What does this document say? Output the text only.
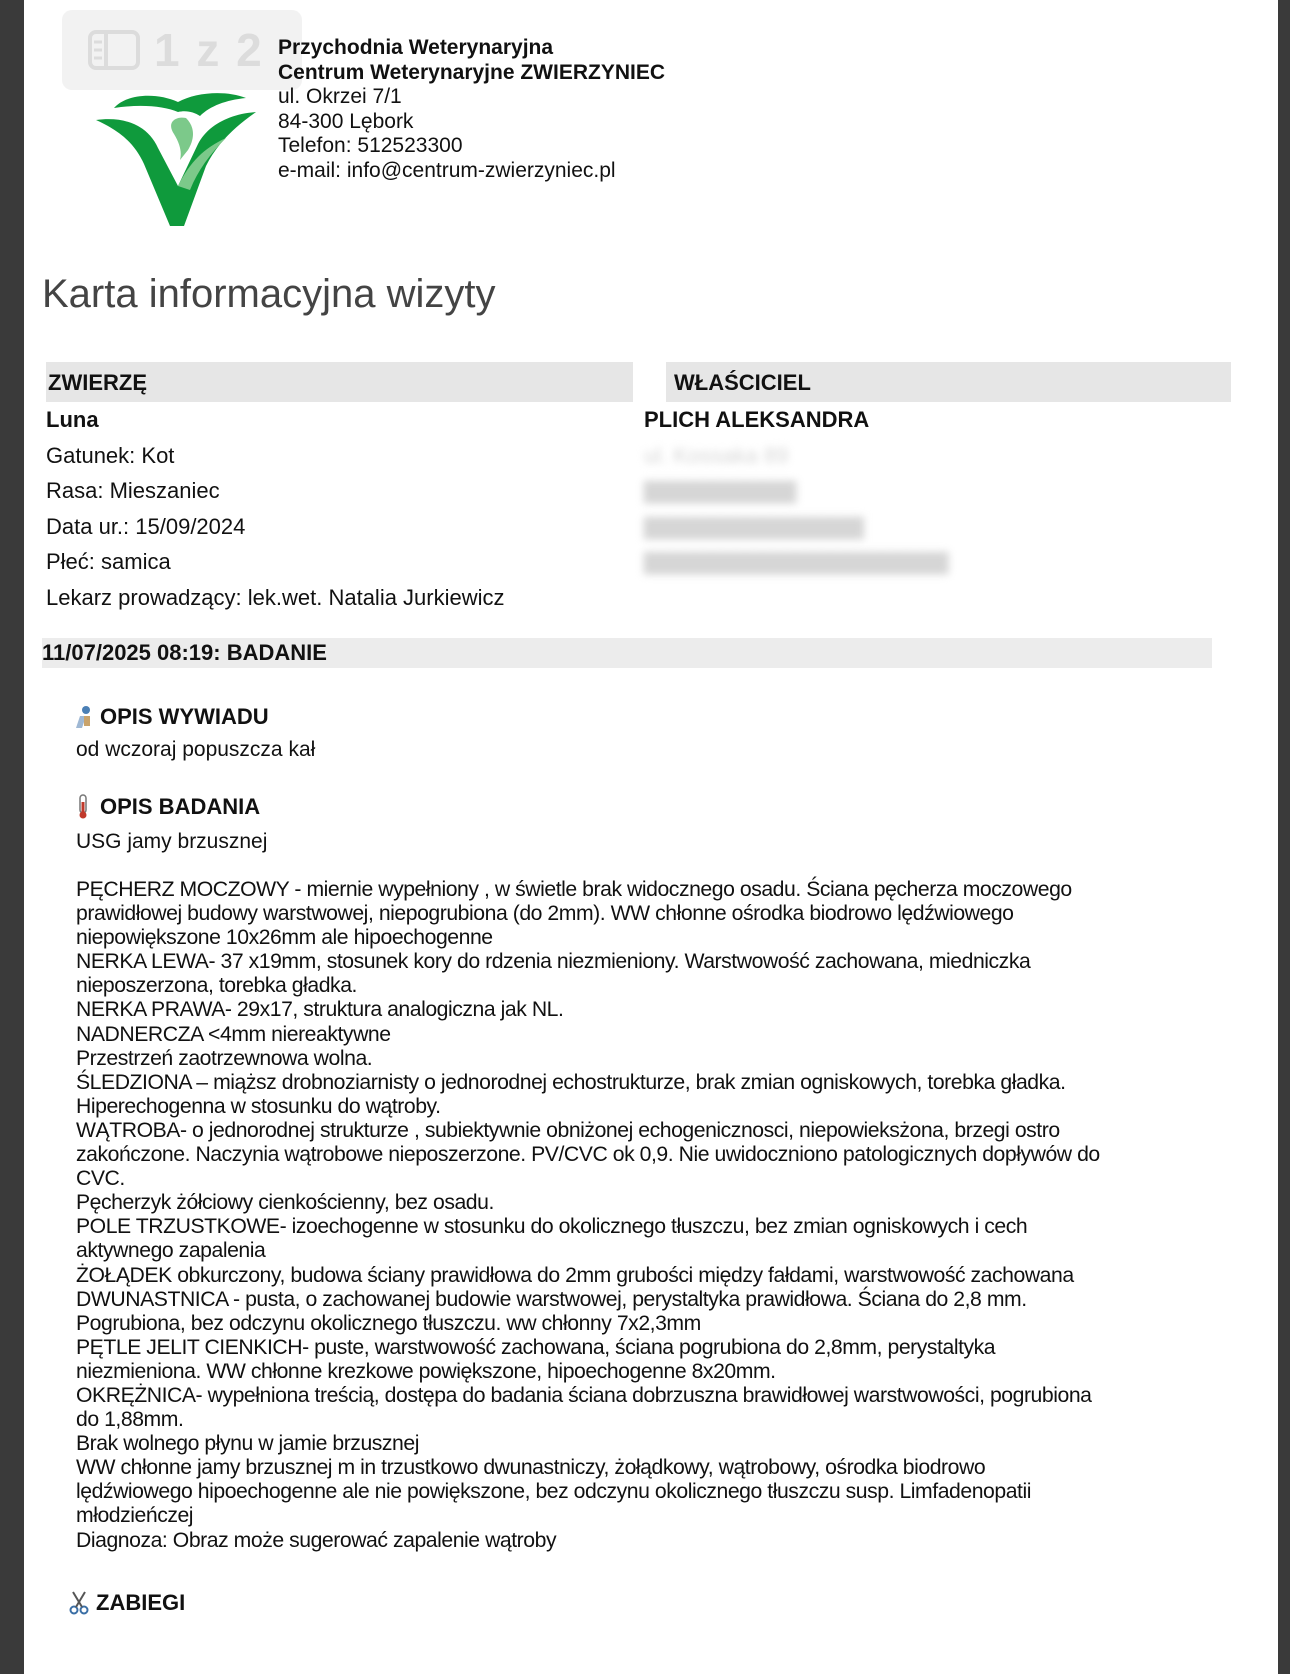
1 z 2 Przychodnia Weterynaryjna
Centrum Weterynaryjne ZWIERZYNIEC
ul. Okrzei 7/1
84-300 Lębork
Telefon: 512523300
e-mail: info@centrum-zwierzyniec.pl
Karta informacyjna wizyty
ZWIERZĘ	WŁAŚCICIEL
Luna
Gatunek: Kot
Rasa: Mieszaniec
Data ur.: 15/09/2024
Płeć: samica
Lekarz prowadzący: lek.wet. Natalia Jurkiewicz
PLICH ALEKSANDRA
ul. Kossaka 89
▇▇▇▇▇▇▇▇▇
▇▇▇▇▇▇▇▇▇▇▇▇▇
▇▇▇▇▇▇▇▇▇▇▇▇▇▇▇▇▇▇
11/07/2025 08:19: BADANIE
OPIS WYWIADU
od wczoraj popuszcza kał
OPIS BADANIA
USG jamy brzusznej
PĘCHERZ MOCZOWY - miernie wypełniony , w świetle brak widocznego osadu. Ściana pęcherza moczowego
prawidłowej budowy warstwowej, niepogrubiona (do 2mm). WW chłonne ośrodka biodrowo lędźwiowego
niepowiększone 10x26mm ale hipoechogenne
NERKA LEWA- 37 x19mm, stosunek kory do rdzenia niezmieniony. Warstwowość zachowana, miedniczka
nieposzerzona, torebka gładka.
NERKA PRAWA- 29x17, struktura analogiczna jak NL.
NADNERCZA <4mm niereaktywne
Przestrzeń zaotrzewnowa wolna.
ŚLEDZIONA – miąższ drobnoziarnisty o jednorodnej echostrukturze, brak zmian ogniskowych, torebka gładka.
Hiperechogenna w stosunku do wątroby.
WĄTROBA- o jednorodnej strukturze , subiektywnie obniżonej echogenicznosci, niepowieksżona, brzegi ostro
zakończone. Naczynia wątrobowe nieposzerzone. PV/CVC ok 0,9. Nie uwidoczniono patologicznych dopływów do
CVC.
Pęcherzyk żółciowy cienkościenny, bez osadu.
POLE TRZUSTKOWE- izoechogenne w stosunku do okolicznego tłuszczu, bez zmian ogniskowych i cech
aktywnego zapalenia
ŻOŁĄDEK obkurczony, budowa ściany prawidłowa do 2mm grubości między fałdami, warstwowość zachowana
DWUNASTNICA - pusta, o zachowanej budowie warstwowej, perystaltyka prawidłowa. Ściana do 2,8 mm.
Pogrubiona, bez odczynu okolicznego tłuszczu. ww chłonny 7x2,3mm
PĘTLE JELIT CIENKICH- puste, warstwowość zachowana, ściana pogrubiona do 2,8mm, perystaltyka
niezmieniona. WW chłonne krezkowe powiększone, hipoechogenne 8x20mm.
OKRĘŻNICA- wypełniona treścią, dostępa do badania ściana dobrzuszna brawidłowej warstwowości, pogrubiona
do 1,88mm.
Brak wolnego płynu w jamie brzusznej
WW chłonne jamy brzusznej m in trzustkowo dwunastniczy, żołądkowy, wątrobowy, ośrodka biodrowo
lędźwiowego hipoechogenne ale nie powiększone, bez odczynu okolicznego tłuszczu susp. Limfadenopatii
młodzieńczej
Diagnoza: Obraz może sugerować zapalenie wątroby
ZABIEGI
